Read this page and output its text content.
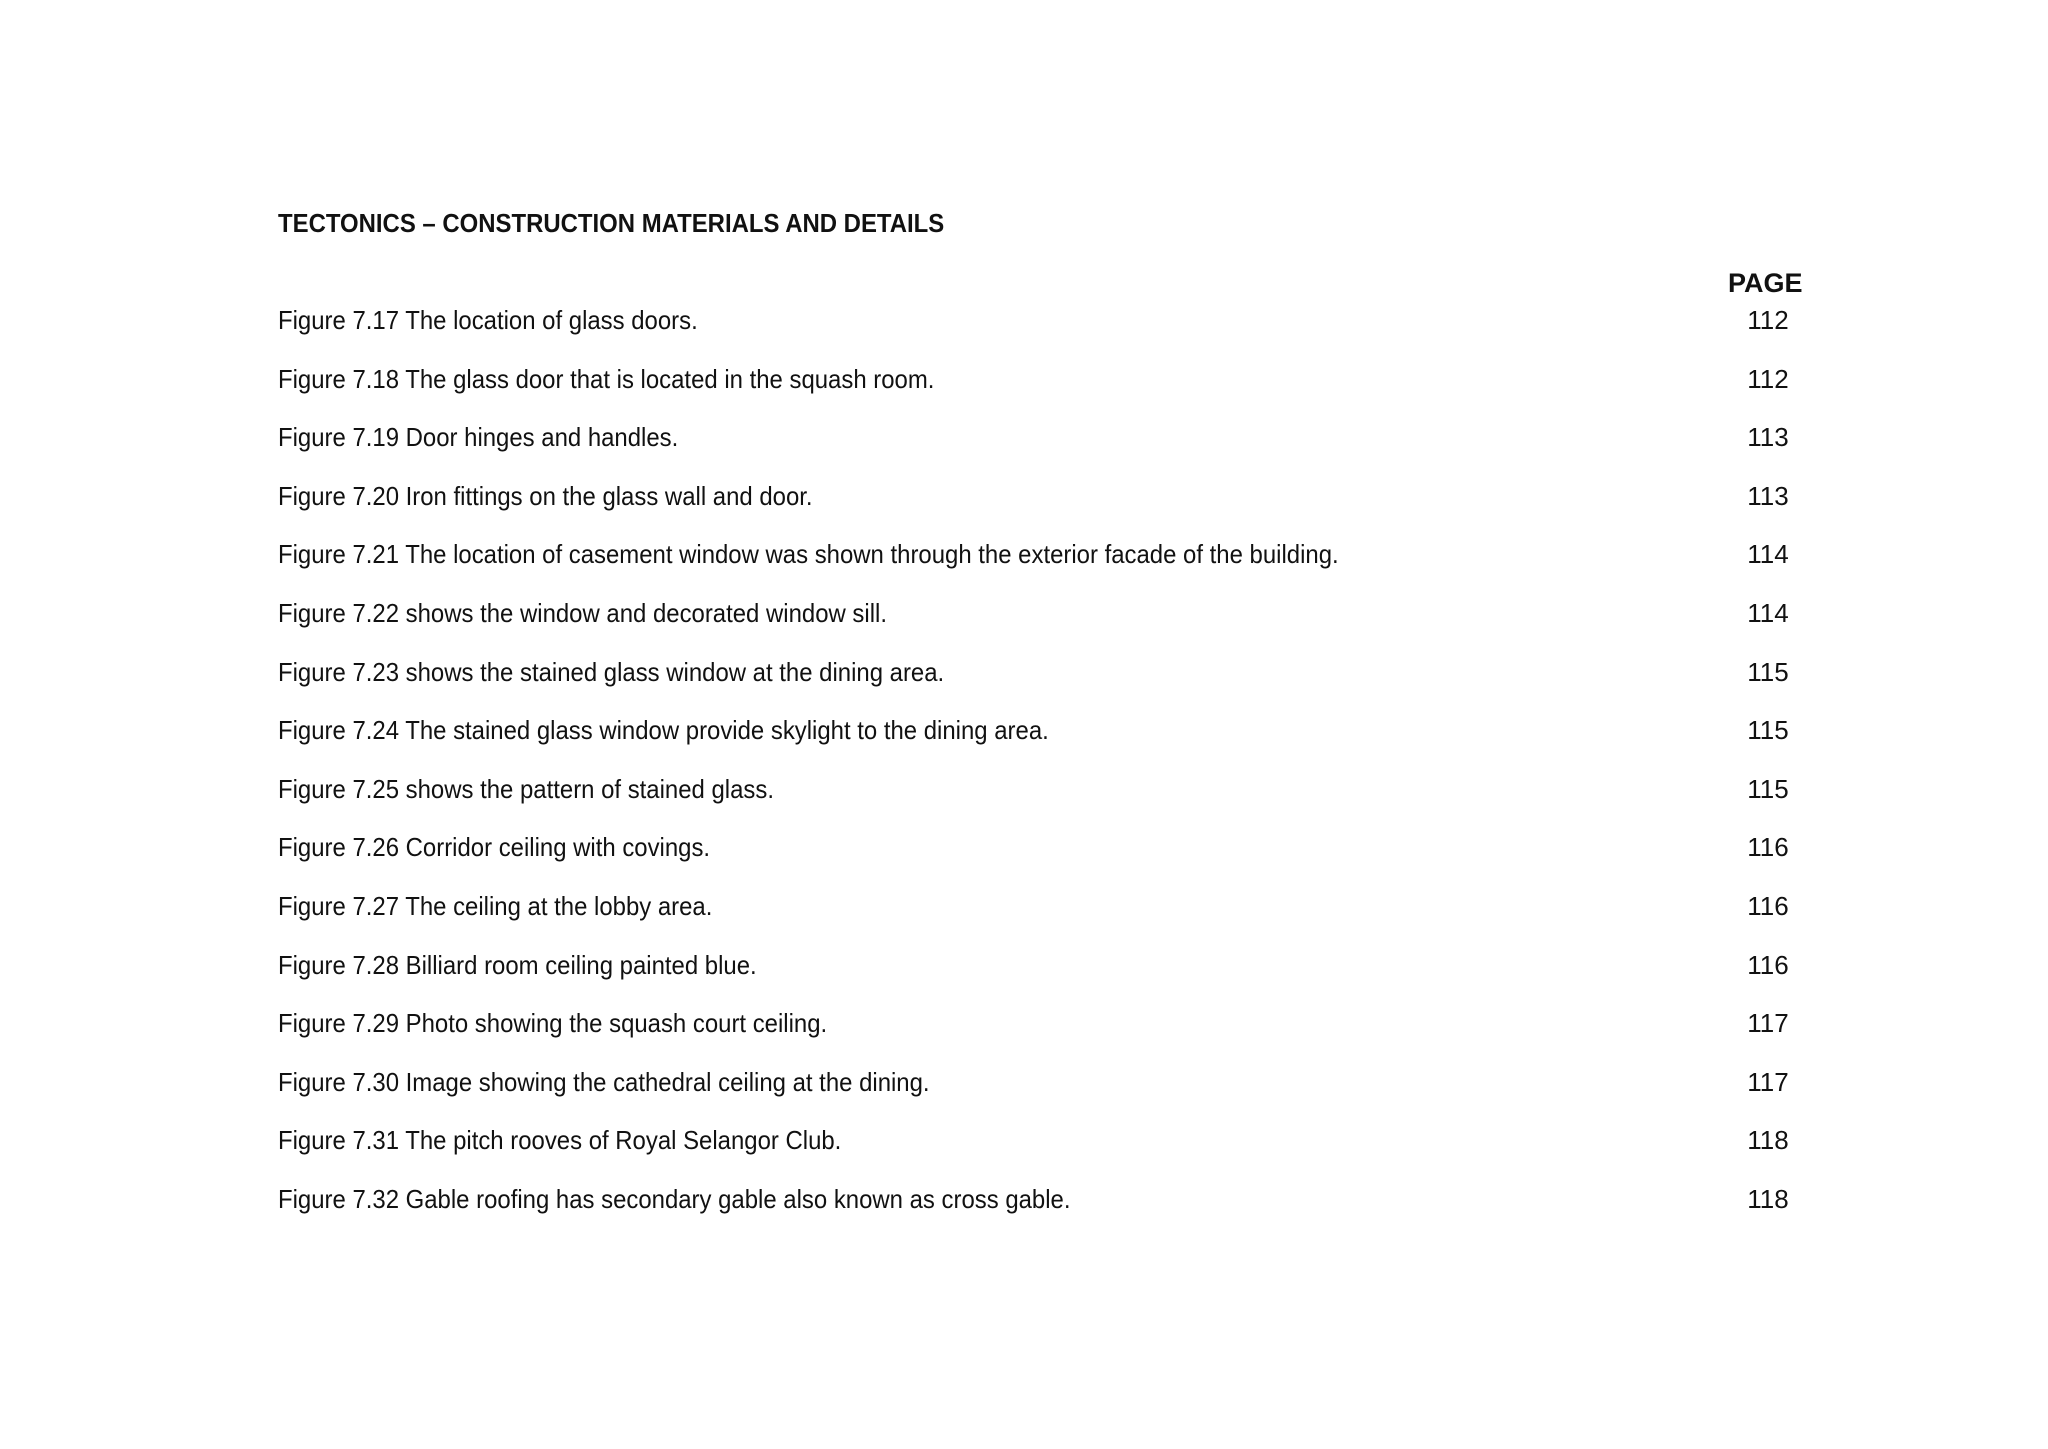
TECTONICS – CONSTRUCTION MATERIALS AND DETAILS
PAGE
Figure 7.17 The location of glass doors.	112
Figure 7.18 The glass door that is located in the squash room.	112
Figure 7.19 Door hinges and handles.	113
Figure 7.20 Iron fittings on the glass wall and door.	113
Figure 7.21 The location of casement window was shown through the exterior facade of the building.	114
Figure 7.22 shows the window and decorated window sill.	114
Figure 7.23 shows the stained glass window at the dining area.	115
Figure 7.24 The stained glass window provide skylight to the dining area.	115
Figure 7.25 shows the pattern of stained glass.	115
Figure 7.26 Corridor ceiling with covings.	116
Figure 7.27 The ceiling at the lobby area.	116
Figure 7.28 Billiard room ceiling painted blue.	116
Figure 7.29 Photo showing the squash court ceiling.	117
Figure 7.30 Image showing the cathedral ceiling at the dining.	117
Figure 7.31 The pitch rooves of Royal Selangor Club.	118
Figure 7.32 Gable roofing has secondary gable also known as cross gable.	118
